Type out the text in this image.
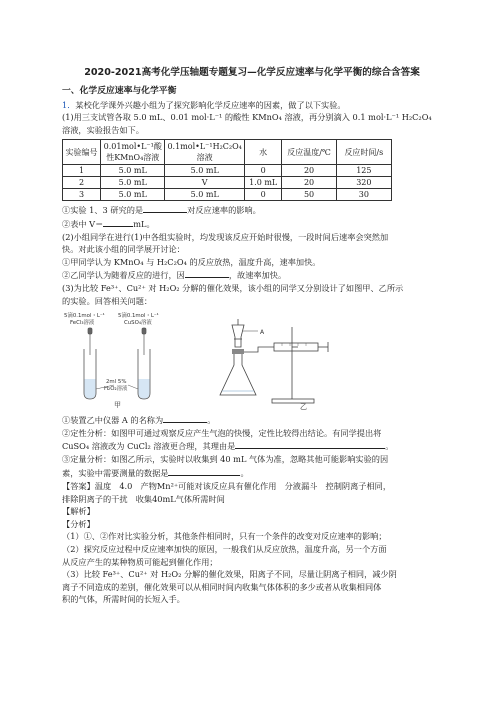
2020-2021高考化学压轴题专题复习—化学反应速率与化学平衡的综合含答案
一、化学反应速率与化学平衡

1．某校化学课外兴趣小组为了探究影响化学反应速率的因素，做了以下实验。

(1)用三支试管各取 5.0 mL、0.01 mol·L⁻¹ 的酸性 KMnO₄ 溶液，再分别滴入 0.1 mol·L⁻¹ H₂C₂O₄

溶液，实验报告如下。

实验编号	0.01mol•L⁻¹酸性KMnO₄溶液	0.1mol•L⁻¹H₂C₂O₄溶液	水	反应温度/℃	反应时间/s
1	5.0 mL	5.0 mL	0	20	125
2	5.0 mL	V	1.0 mL	20	320
3	5.0 mL	5.0 mL	0	50	30

①实验 1、3 研究的是	对反应速率的影响。

②表中 V＝	mL。

(2)小组同学在进行(1)中各组实验时，均发现该反应开始时很慢，一段时间后速率会突然加

快。对此该小组的同学展开讨论：

①甲同学认为 KMnO₄ 与 H₂C₂O₄ 的反应放热，温度升高，速率加快。

②乙同学认为随着反应的进行，因	，故速率加快。

(3)为比较 Fe³⁺、Cu²⁺ 对 H₂O₂ 分解的催化效果，该小组的同学又分别设计了如图甲、乙所示

的实验。回答相关问题：

5滴0.1mol・L⁻¹
FeCl₃溶液
5滴0.1mol・L⁻¹
CuSO₄溶液
2ml 5%
H₂O₂溶液
甲
A
乙

①装置乙中仪器 A 的名称为	。

②定性分析：如图甲可通过观察反应产生气泡的快慢，定性比较得出结论。有同学提出将

CuSO₄ 溶液改为 CuCl₂ 溶液更合理，其理由是	。

③定量分析：如图乙所示，实验时以收集到 40 mL 气体为准，忽略其他可能影响实验的因

素，实验中需要测量的数据是	。

【答案】温度　4.0　产物Mn²⁺可能对该反应具有催化作用　分液漏斗　控制阴离子相同，

排除阴离子的干扰　收集40mL气体所需时间

【解析】

【分析】

（1）①、②作对比实验分析，其他条件相同时，只有一个条件的改变对反应速率的影响；

（2）探究反应过程中反应速率加快的原因，一般我们从反应放热，温度升高，另一个方面

从反应产生的某种物质可能起到催化作用；

（3）比较 Fe³⁺、Cu²⁺ 对 H₂O₂ 分解的催化效果，阳离子不同，尽量让阴离子相同，减少阴

离子不同造成的差别，催化效果可以从相同时间内收集气体体积的多少或者从收集相同体

积的气体，所需时间的长短入手。
